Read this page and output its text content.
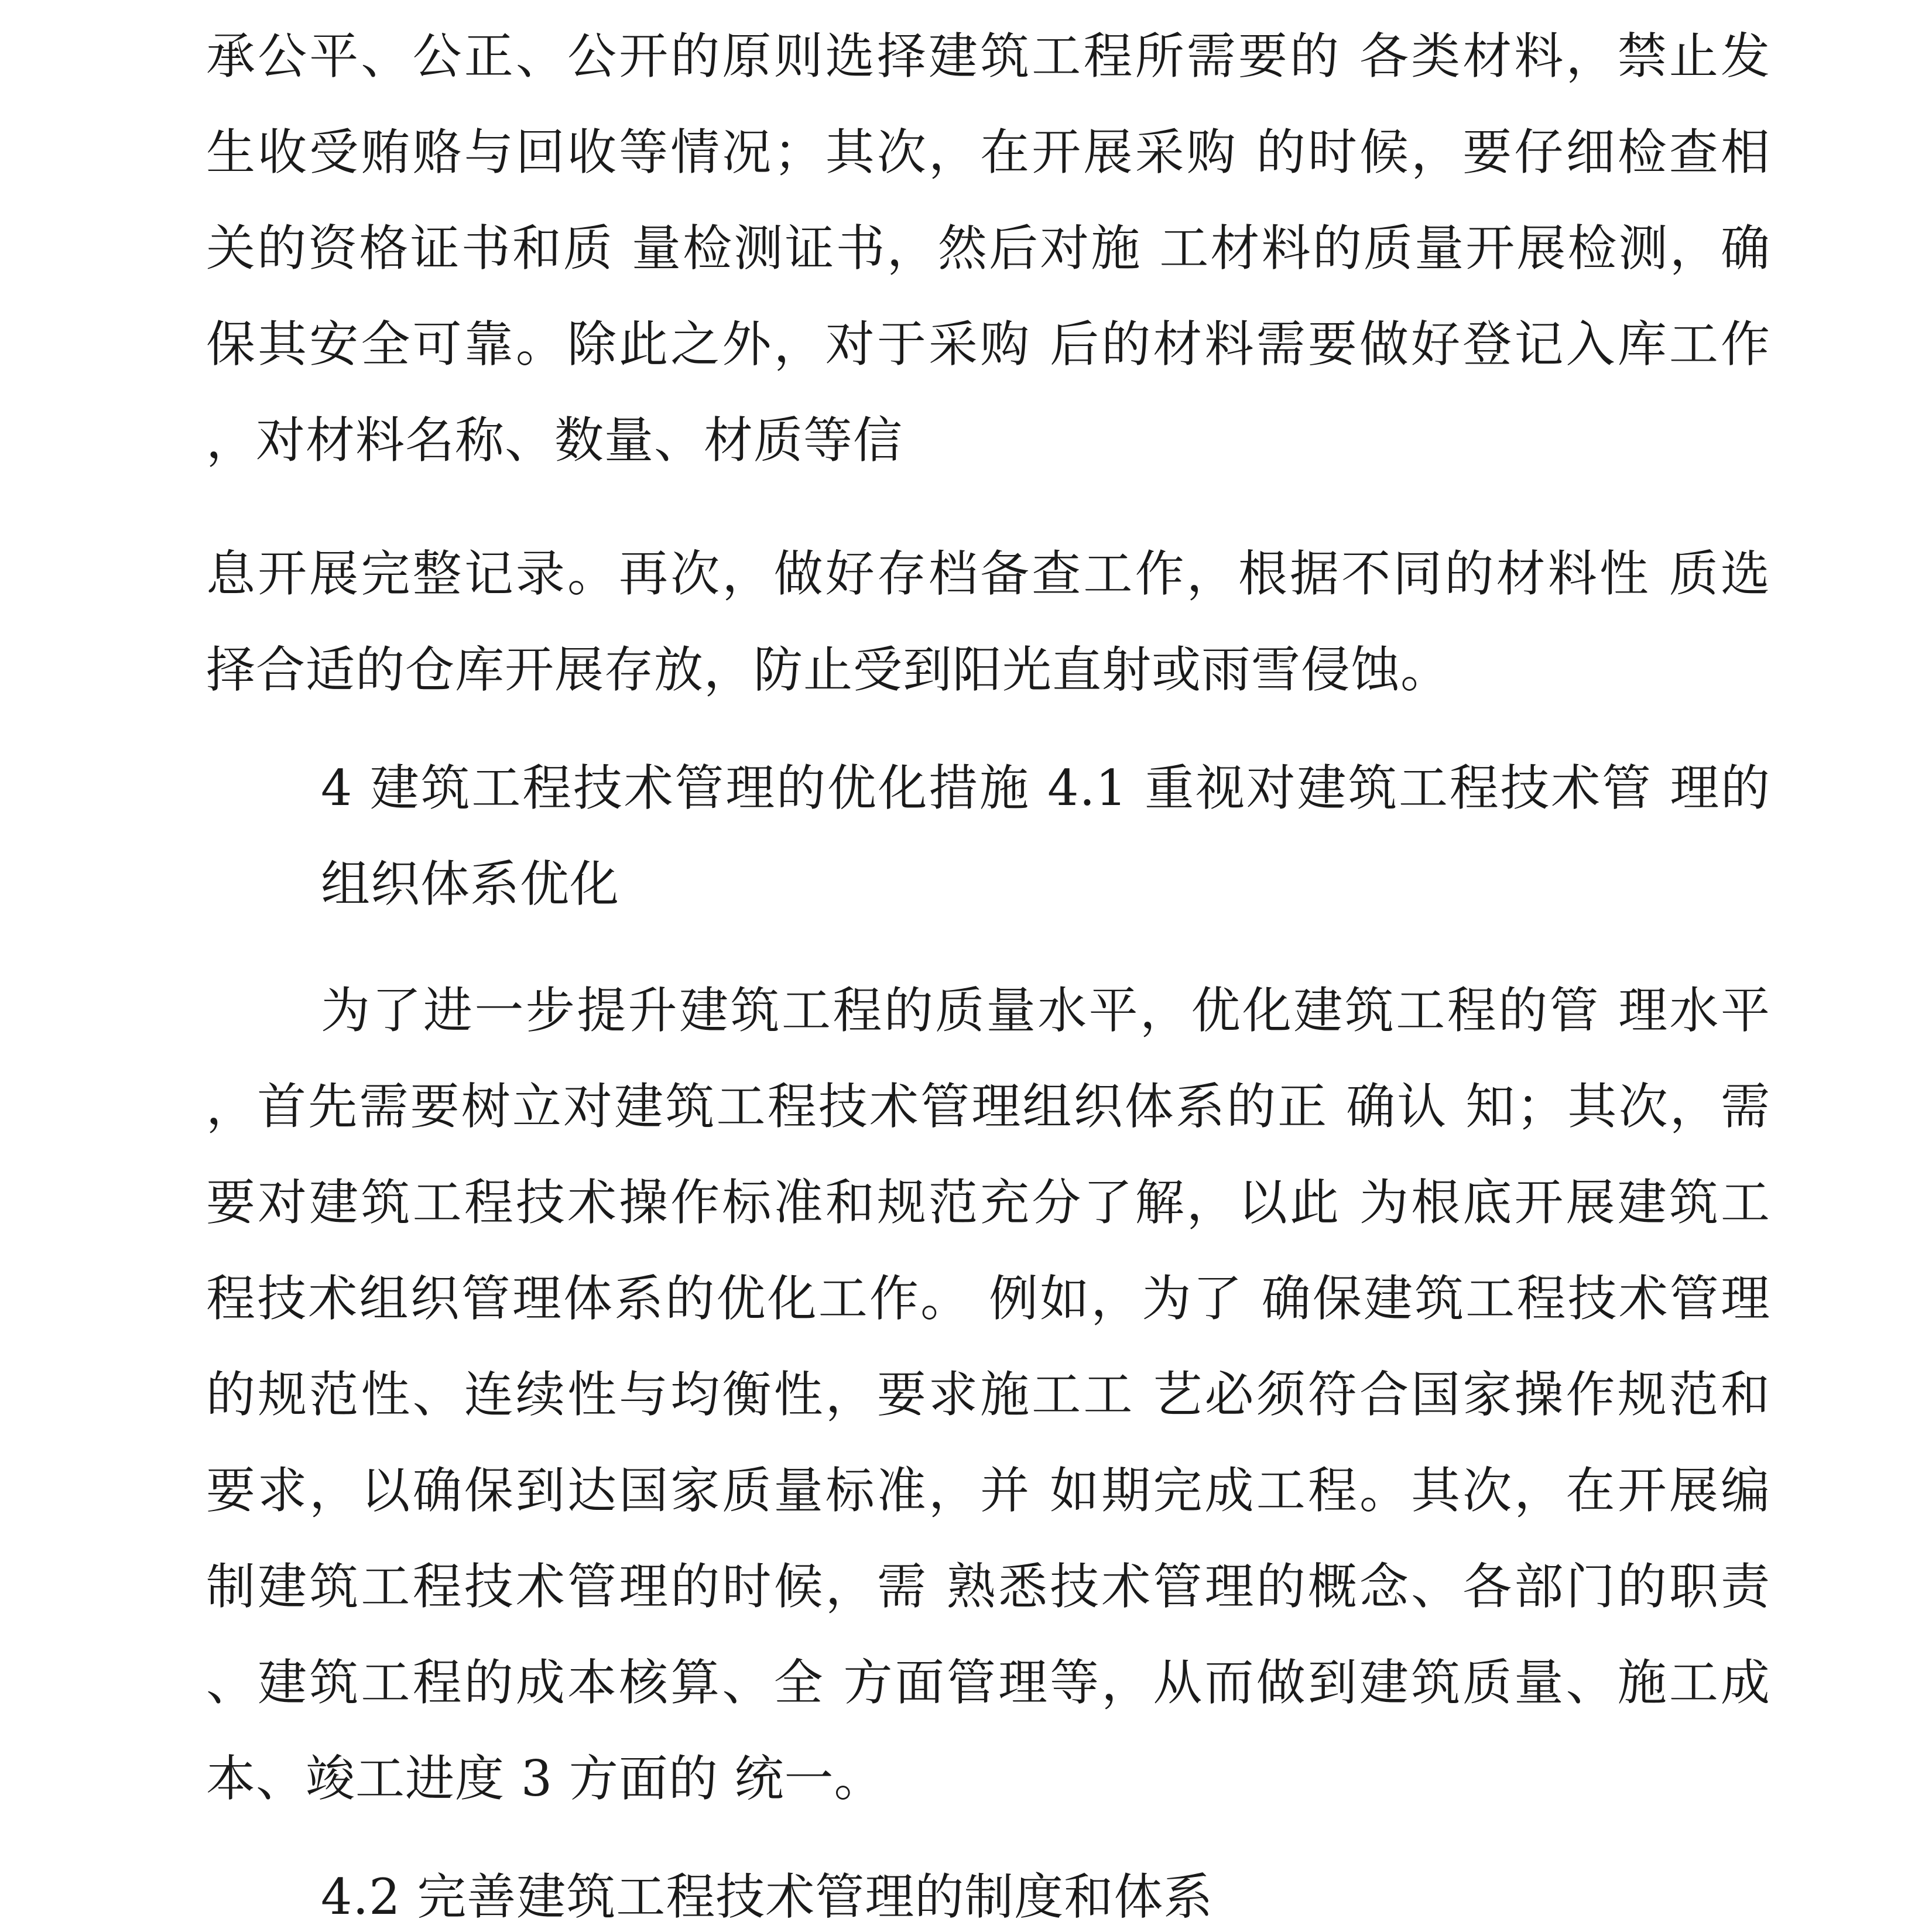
承公平、公正、公开的原则选择建筑工程所需要的 各类材料，禁止发

生收受贿赂与回收等情况；其次，在开展采购 的时候，要仔细检查相

关的资格证书和质 量检测证书，然后对施 工材料的质量开展检测，确

保其安全可靠。除此之外，对于采购 后的材料需要做好登记入库工作

，对材料名称、数量、材质等信

息开展完整记录。再次，做好存档备查工作，根据不同的材料性 质选

择合适的仓库开展存放，防止受到阳光直射或雨雪侵蚀。

4 建筑工程技术管理的优化措施 4.1 重视对建筑工程技术管 理的

组织体系优化

为了进一步提升建筑工程的质量水平，优化建筑工程的管 理水平

，首先需要树立对建筑工程技术管理组织体系的正 确认 知；其次，需

要对建筑工程技术操作标准和规范充分了解，以此 为根底开展建筑工

程技术组织管理体系的优化工作。 例如，为了 确保建筑工程技术管理

的规范性、连续性与均衡性，要求施工工 艺必须符合国家操作规范和

要求，以确保到达国家质量标准，并 如期完成工程。其次，在开展编

制建筑工程技术管理的时候，需 熟悉技术管理的概念、各部门的职责

、建筑工程的成本核算、全 方面管理等，从而做到建筑质量、施工成

本、竣工进度 3 方面的 统一。

4.2 完善建筑工程技术管理的制度和体系
